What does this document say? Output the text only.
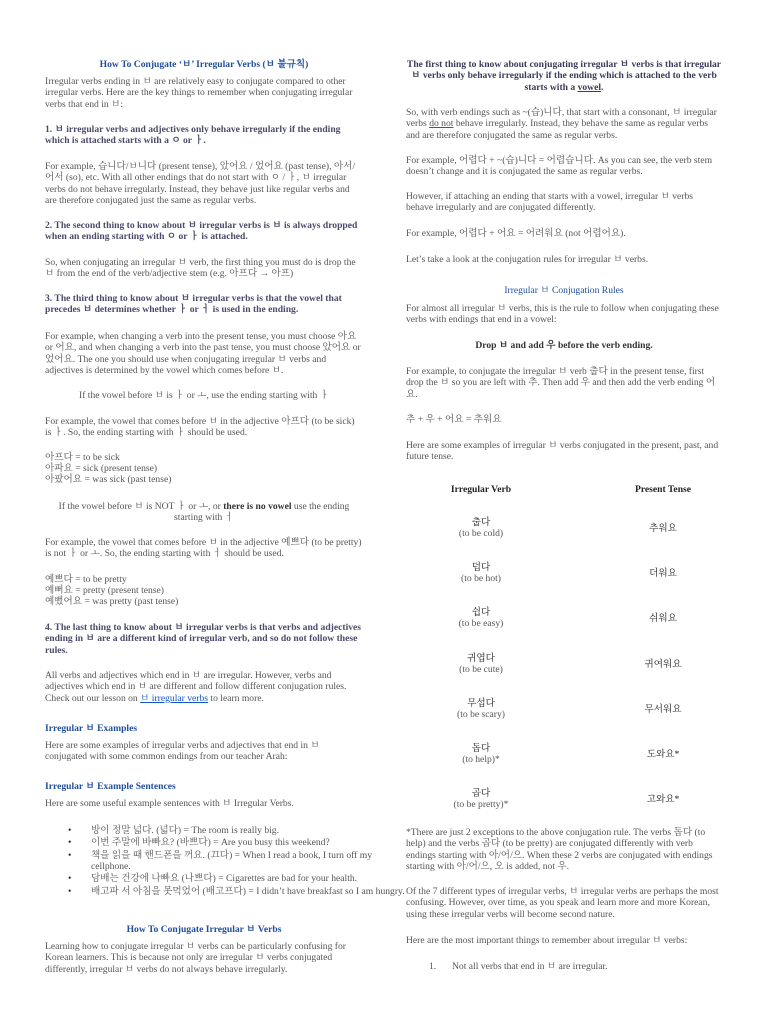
How To Conjugate ‘ㅂ’ Irregular Verbs (ㅂ 불규칙)

Irregular verbs ending in ㅂ are relatively easy to conjugate compared to other irregular verbs. Here are the key things to remember when conjugating irregular verbs that end in ㅂ:

1. ㅂ irregular verbs and adjectives only behave irregularly if the ending which is attached starts with a ㅇ or ㅏ.

For example, 습니다/ㅂ니다 (present tense), 았어요 / 었어요 (past tense), 아서/어서 (so), etc. With all other endings that do not start with ㅇ / ㅏ, ㅂ irregular verbs do not behave irregularly. Instead, they behave just like regular verbs and are therefore conjugated just the same as regular verbs.

2. The second thing to know about ㅂ irregular verbs is ㅂ is always dropped when an ending starting with ㅇ or ㅏ is attached.

So, when conjugating an irregular ㅂ verb, the first thing you must do is drop the ㅂ from the end of the verb/adjective stem (e.g. 아프다 → 아프)

3. The third thing to know about ㅂ irregular verbs is that the vowel that precedes ㅂ determines whether ㅏ or ㅓ is used in the ending.

For example, when changing a verb into the present tense, you must choose 아요 or 어요, and when changing a verb into the past tense, you must choose 았어요 or 었어요. The one you should use when conjugating irregular ㅂ verbs and adjectives is determined by the vowel which comes before ㅂ.

If the vowel before ㅂ is ㅏ or ㅗ, use the ending starting with ㅏ

For example, the vowel that comes before ㅂ in the adjective 아프다 (to be sick) is ㅏ. So, the ending starting with ㅏ should be used.

아프다 = to be sick

아파요 = sick (present tense)

아팠어요 = was sick (past tense)

If the vowel before ㅂ is NOT ㅏ or ㅗ, or there is no vowel use the ending starting with ㅓ

For example, the vowel that comes before ㅂ in the adjective 예쁘다 (to be pretty) is not ㅏ or ㅗ. So, the ending starting with ㅓ should be used.

예쁘다 = to be pretty

예뻐요 = pretty (present tense)

예뻤어요 = was pretty (past tense)

4. The last thing to know about ㅂ irregular verbs is that verbs and adjectives ending in ㅂ are a different kind of irregular verb, and so do not follow these rules.

All verbs and adjectives which end in ㅂ are irregular. However, verbs and adjectives which end in ㅂ are different and follow different conjugation rules. Check out our lesson on ㅂ irregular verbs to learn more.

Irregular ㅂ Examples

Here are some examples of irregular verbs and adjectives that end in ㅂ conjugated with some common endings from our teacher Arah:

Irregular ㅂ Example Sentences

Here are some useful example sentences with ㅂ Irregular Verbs.

• 방이 정말 넓다. (넓다) = The room is really big.
• 이번 주말에 바빠요? (바쁘다) = Are you busy this weekend?
• 책을 읽을 때 핸드폰을 꺼요. (끄다) = When I read a book, I turn off my cellphone.
• 담배는 건강에 나빠요 (나쁘다) = Cigarettes are bad for your health.
• 배고파 서 아침을 못먹었어 (배고프다) = I didn’t have breakfast so I am hungry.

How To Conjugate Irregular ㅂ Verbs

Learning how to conjugate irregular ㅂ verbs can be particularly confusing for Korean learners. This is because not only are irregular ㅂ verbs conjugated differently, irregular ㅂ verbs do not always behave irregularly.

The first thing to know about conjugating irregular ㅂ verbs is that irregular ㅂ verbs only behave irregularly if the ending which is attached to the verb starts with a vowel.

So, with verb endings such as ~(습)니다, that start with a consonant, ㅂ irregular verbs do not behave irregularly. Instead, they behave the same as regular verbs and are therefore conjugated the same as regular verbs.

For example, 어렵다 + ~(습)니다 = 어렵습니다. As you can see, the verb stem doesn’t change and it is conjugated the same as regular verbs.

However, if attaching an ending that starts with a vowel, irregular ㅂ verbs behave irregularly and are conjugated differently.

For example, 어렵다 + 어요 = 어려워요 (not 어렵어요).

Let’s take a look at the conjugation rules for irregular ㅂ verbs.

Irregular ㅂ Conjugation Rules

For almost all irregular ㅂ verbs, this is the rule to follow when conjugating these verbs with endings that end in a vowel:

Drop ㅂ and add 우 before the verb ending.

For example, to conjugate the irregular ㅂ verb 춥다 in the present tense, first drop the ㅂ so you are left with 추. Then add 우 and then add the verb ending 어요.

추 + 우 + 어요 = 추워요

Here are some examples of irregular ㅂ verbs conjugated in the present, past, and future tense.

Irregular Verb	Present Tense
춥다
(to be cold)	추워요
덥다
(to be hot)	더워요
쉽다
(to be easy)	쉬워요
귀엽다
(to be cute)	귀여워요
무섭다
(to be scary)	무서워요
돕다
(to help)*	도와요*
곱다
(to be pretty)*	고와요*

*There are just 2 exceptions to the above conjugation rule. The verbs 돕다 (to help) and the verbs 곱다 (to be pretty) are conjugated differently with verb endings starting with 아/어/으. When these 2 verbs are conjugated with endings starting with 아/어/으, 오 is added, not 우.

Of the 7 different types of irregular verbs, ㅂ irregular verbs are perhaps the most confusing. However, over time, as you speak and learn more and more Korean, using these irregular verbs will become second nature.

Here are the most important things to remember about irregular ㅂ verbs:

1. Not all verbs that end in ㅂ are irregular.
